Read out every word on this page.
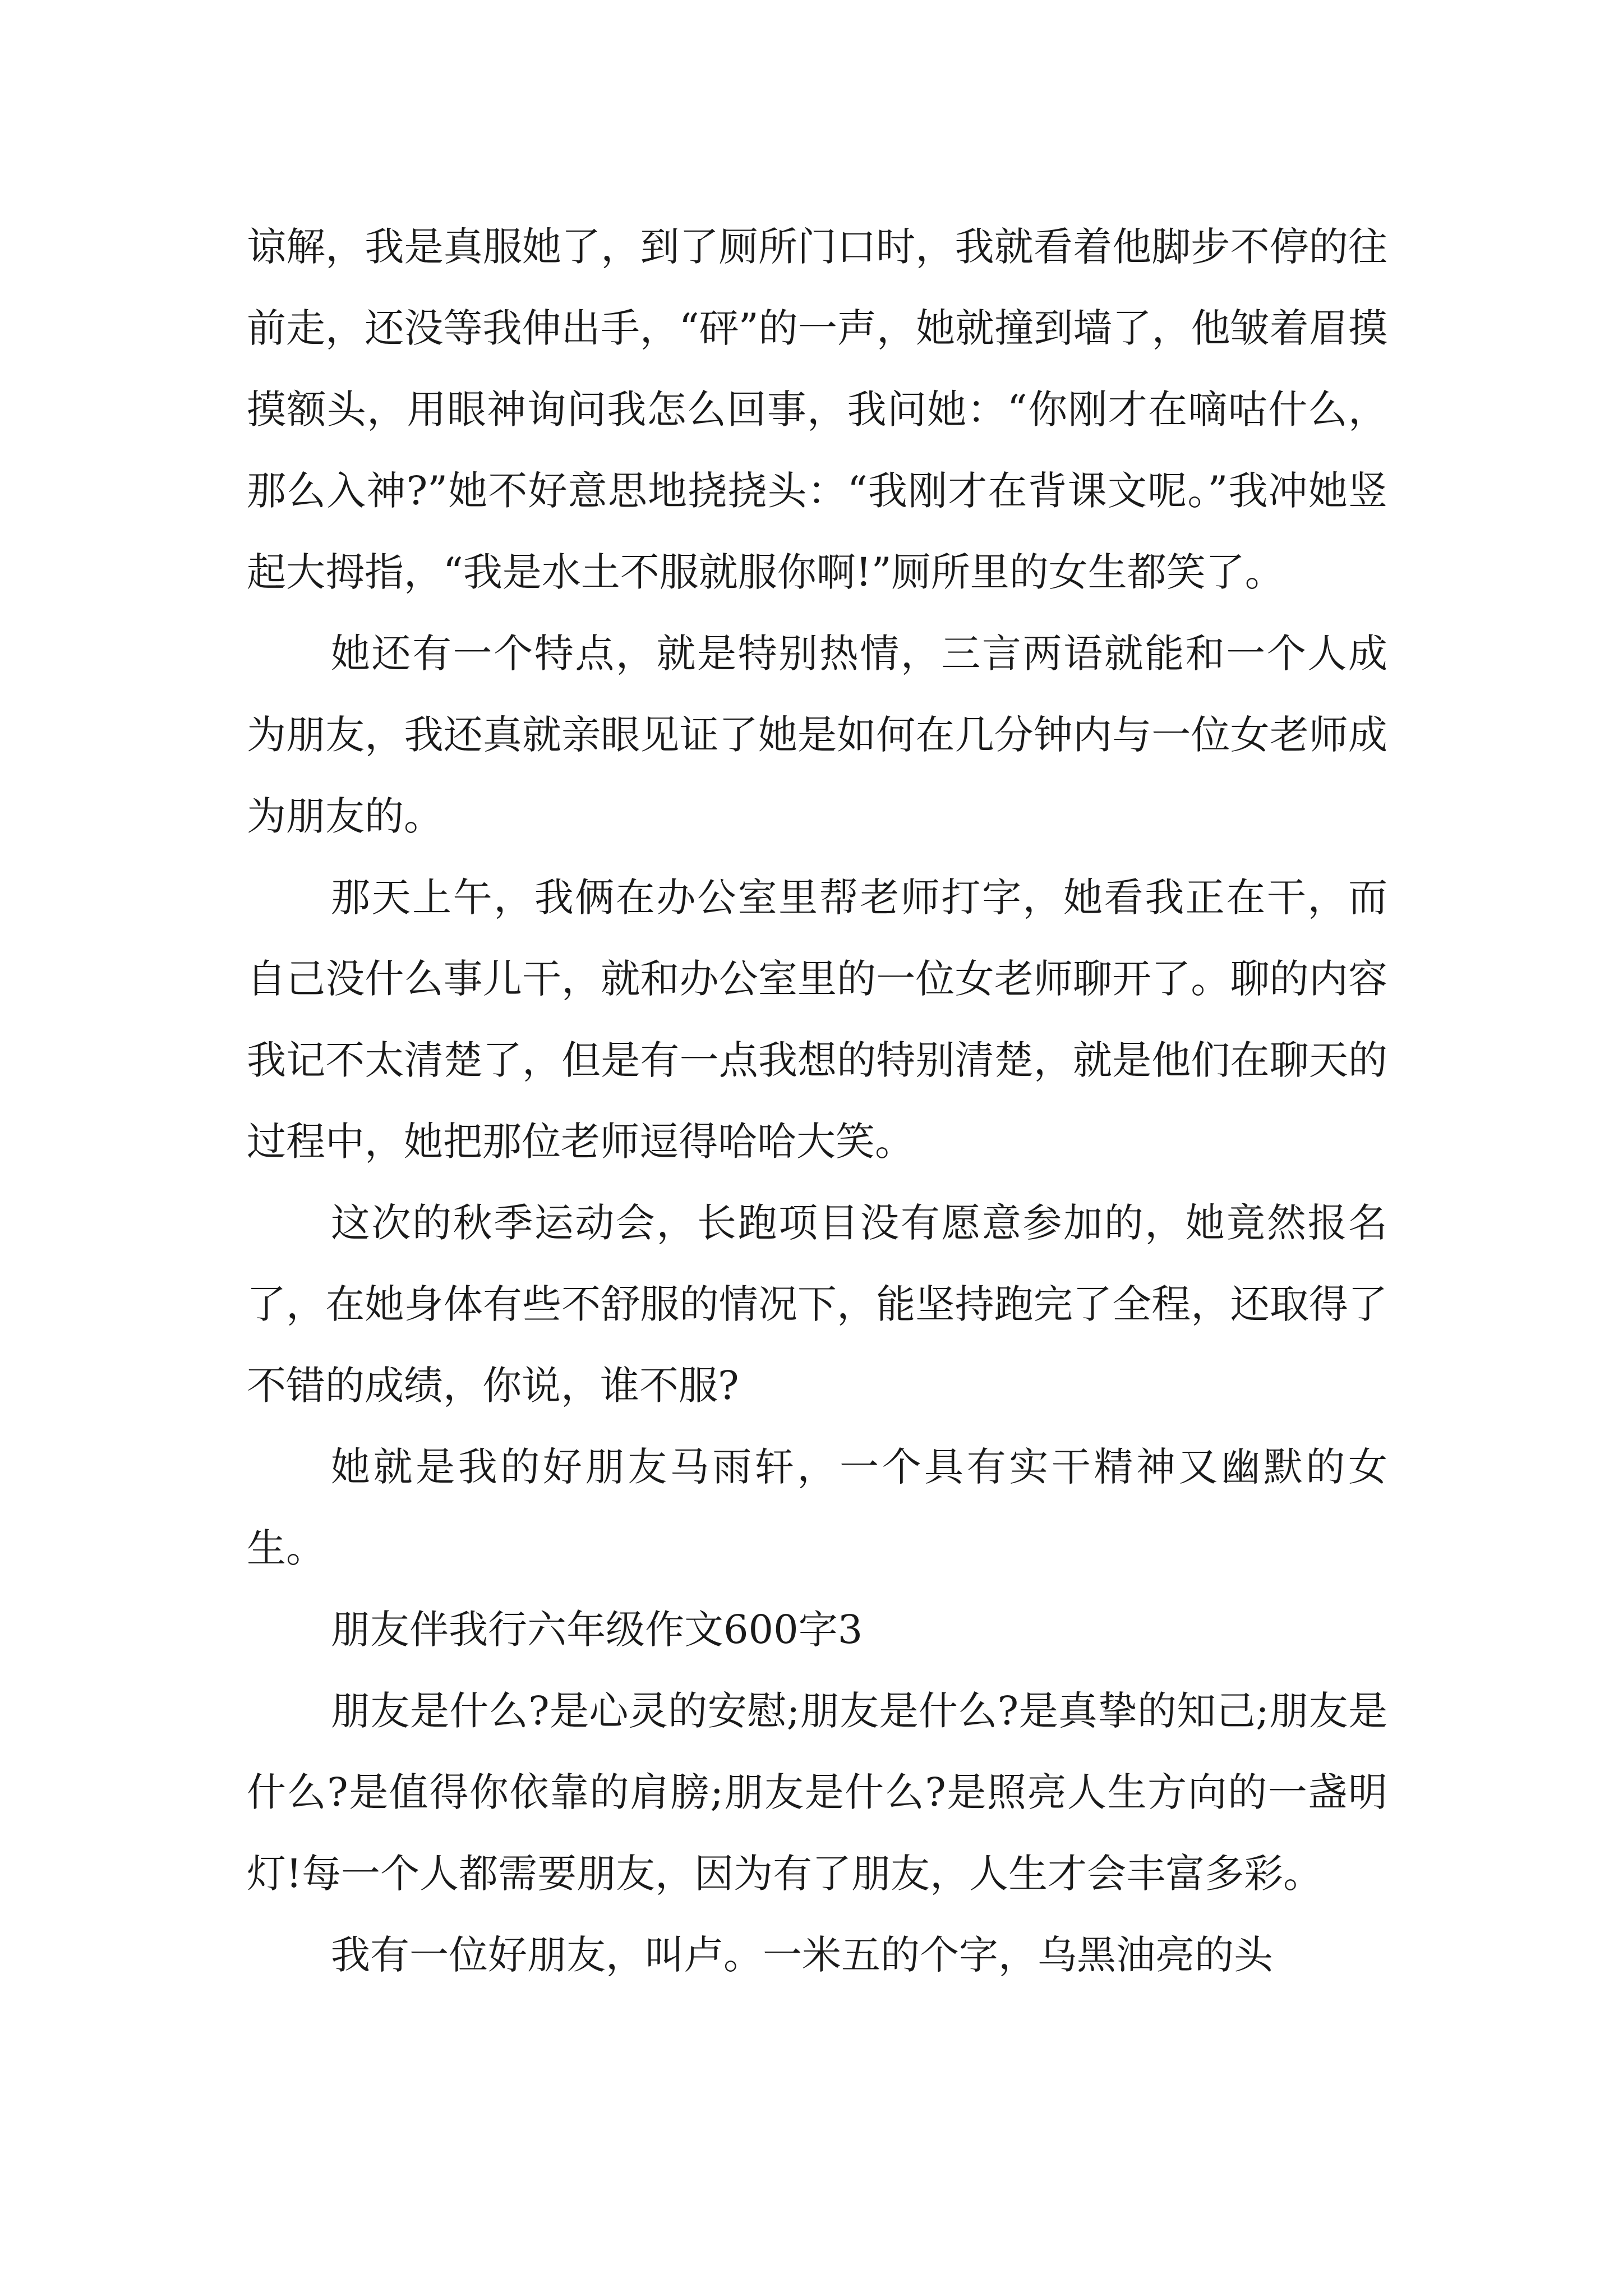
谅解，我是真服她了，到了厕所门口时，我就看着他脚步不停的往前走，还没等我伸出手，“砰”的一声，她就撞到墙了，他皱着眉摸摸额头，用眼神询问我怎么回事，我问她：“你刚才在嘀咕什么，那么入神?”她不好意思地挠挠头：“我刚才在背课文呢。”我冲她竖起大拇指，“我是水土不服就服你啊!”厕所里的女生都笑了。

她还有一个特点，就是特别热情，三言两语就能和一个人成为朋友，我还真就亲眼见证了她是如何在几分钟内与一位女老师成为朋友的。

那天上午，我俩在办公室里帮老师打字，她看我正在干，而自己没什么事儿干，就和办公室里的一位女老师聊开了。聊的内容我记不太清楚了，但是有一点我想的特别清楚，就是他们在聊天的过程中，她把那位老师逗得哈哈大笑。

这次的秋季运动会，长跑项目没有愿意参加的，她竟然报名了，在她身体有些不舒服的情况下，能坚持跑完了全程，还取得了不错的成绩，你说，谁不服?

她就是我的好朋友马雨轩，一个具有实干精神又幽默的女生。

朋友伴我行六年级作文600字3

朋友是什么?是心灵的安慰;朋友是什么?是真挚的知己;朋友是什么?是值得你依靠的肩膀;朋友是什么?是照亮人生方向的一盏明灯!每一个人都需要朋友，因为有了朋友，人生才会丰富多彩。

我有一位好朋友，叫卢。一米五的个字，乌黑油亮的头
